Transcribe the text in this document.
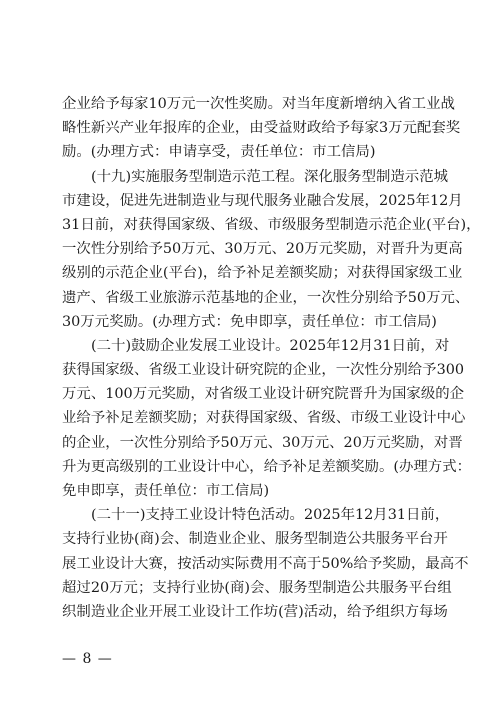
企 业 给 予 每 家 1 0 万 元 一 次 性 奖 励 。 对 当 年 度 新 增 纳 入 省 工 业 战
略 性 新 兴 产 业 年 报 库 的 企 业 ， 由 受 益 财 政 给 予 每 家 3 万 元 配 套 奖
励。(办理方式：申请享受，责任单位：市工信局)
( 十 九 ) 实 施 服 务 型 制 造 示 范 工 程 。 深 化 服 务 型 制 造 示 范 城
市 建 设 ， 促 进 先 进 制 造 业 与 现 代 服 务 业 融 合 发 展 ， 2 0 2 5 年 1 2 月
3 1 日 前 ， 对 获 得 国 家 级 、 省 级 、 市 级 服 务 型 制 造 示 范 企 业 ( 平 台 ) ，
一 次 性 分 别 给 予 5 0 万 元 、 3 0 万 元 、 2 0 万 元 奖 励 ， 对 晋 升 为 更 高
级 别 的 示 范 企 业 ( 平 台 ) ， 给 予 补 足 差 额 奖 励 ； 对 获 得 国 家 级 工 业
遗 产 、 省 级 工 业 旅 游 示 范 基 地 的 企 业 ， 一 次 性 分 别 给 予 5 0 万 元 、
30万元奖励。(办理方式：免申即享，责任单位：市工信局)
( 二 十 ) 鼓 励 企 业 发 展 工 业 设 计 。 2 0 2 5 年 1 2 月 3 1 日 前 ， 对
获 得 国 家 级 、 省 级 工 业 设 计 研 究 院 的 企 业 ， 一 次 性 分 别 给 予 3 0 0
万 元 、 1 0 0 万 元 奖 励 ， 对 省 级 工 业 设 计 研 究 院 晋 升 为 国 家 级 的 企
业 给 予 补 足 差 额 奖 励 ； 对 获 得 国 家 级 、 省 级 、 市 级 工 业 设 计 中 心
的 企 业 ， 一 次 性 分 别 给 予 5 0 万 元 、 3 0 万 元 、 2 0 万 元 奖 励 ， 对 晋
升 为 更 高 级 别 的 工 业 设 计 中 心 ， 给 予 补 足 差 额 奖 励 。 ( 办 理 方 式 ：
免申即享，责任单位：市工信局)
( 二 十 一 ) 支 持 工 业 设 计 特 色 活 动 。 2 0 2 5 年 1 2 月 3 1 日 前 ，
支 持 行 业 协 ( 商 ) 会 、 制 造 业 企 业 、 服 务 型 制 造 公 共 服 务 平 台 开
展 工 业 设 计 大 赛 ， 按 活 动 实 际 费 用 不 高 于 5 0 % 给 予 奖 励 ， 最 高 不
超 过 2 0 万 元 ； 支 持 行 业 协 ( 商 ) 会 、 服 务 型 制 造 公 共 服 务 平 台 组
织 制 造 业 企 业 开 展 工 业 设 计 工 作 坊 ( 营 ) 活 动 ， 给 予 组 织 方 每 场
— 8 —
